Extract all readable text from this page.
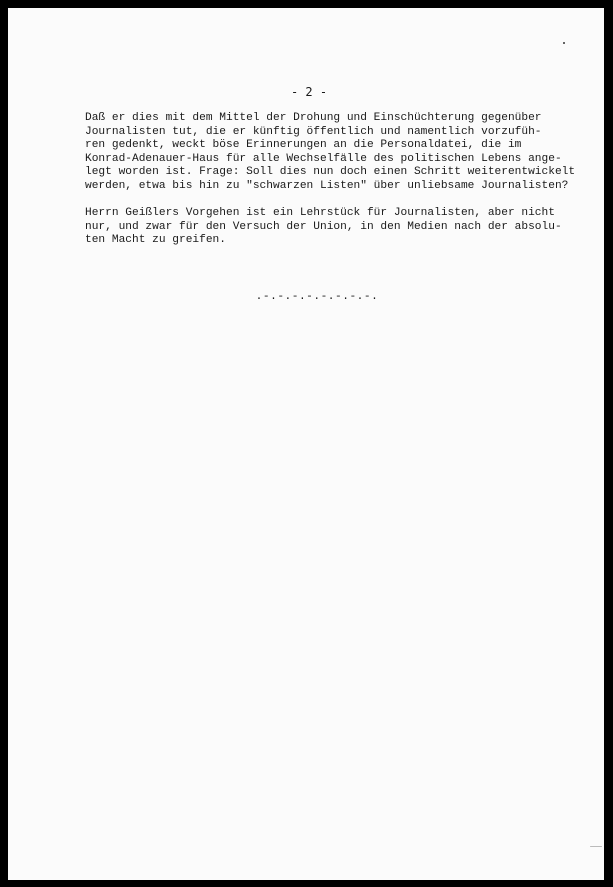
- 2 -

Daß er dies mit dem Mittel der Drohung und Einschüchterung gegenüber
Journalisten tut, die er künftig öffentlich und namentlich vorzufüh-
ren gedenkt, weckt böse Erinnerungen an die Personaldatei, die im
Konrad-Adenauer-Haus für alle Wechselfälle des politischen Lebens ange-
legt worden ist. Frage: Soll dies nun doch einen Schritt weiterentwickelt
werden, etwa bis hin zu "schwarzen Listen" über unliebsame Journalisten?

Herrn Geißlers Vorgehen ist ein Lehrstück für Journalisten, aber nicht
nur, und zwar für den Versuch der Union, in den Medien nach der absolu-
ten Macht zu greifen.

.-.-.-.-.-.-.-.-.
